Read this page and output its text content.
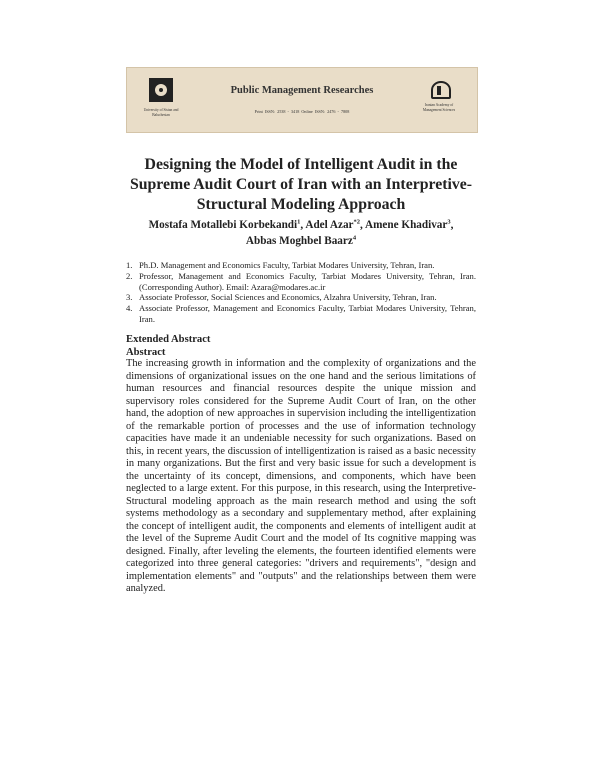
University of Sistan and Baluchestan
Public Management Researches
Print ISSN: 2538 - 3418 Online ISSN: 2476 - 7808
Iranian Academy of Management Sciences
Designing the Model of Intelligent Audit in the Supreme Audit Court of Iran with an Interpretive-Structural Modeling Approach
Mostafa Motallebi Korbekandi$^1$, Adel Azar$^{*2}$, Amene Khadivar$^3$,
Abbas Moghbel Baarz$^4$
1. Ph.D. Management and Economics Faculty, Tarbiat Modares University, Tehran, Iran.
2. Professor, Management and Economics Faculty, Tarbiat Modares University, Tehran, Iran. (Corresponding Author). Email: Azara@modares.ac.ir
3. Associate Professor, Social Sciences and Economics, Alzahra University, Tehran, Iran.
4. Associate Professor, Management and Economics Faculty, Tarbiat Modares University, Tehran, Iran.
Extended Abstract
Abstract

The increasing growth in information and the complexity of organizations and the dimensions of organizational issues on the one hand and the serious limitations of human resources and financial resources despite the unique mission and supervisory roles considered for the Supreme Audit Court of Iran, on the other hand, the adoption of new approaches in supervision including the intelligentization of the remarkable portion of processes and the use of information technology capacities have made it an undeniable necessity for such organizations. Based on this, in recent years, the discussion of intelligentization is raised as a basic necessity in many organizations. But the first and very basic issue for such a development is the uncertainty of its concept, dimensions, and components, which have been neglected to a large extent. For this purpose, in this research, using the Interpretive-Structural modeling approach as the main research method and using the soft systems methodology as a secondary and supplementary method, after explaining the concept of intelligent audit, the components and elements of intelligent audit at the level of the Supreme Audit Court and the model of Its cognitive mapping was designed. Finally, after leveling the elements, the fourteen identified elements were categorized into three general categories: "drivers and requirements", "design and implementation elements" and "outputs" and the relationships between them were analyzed.
